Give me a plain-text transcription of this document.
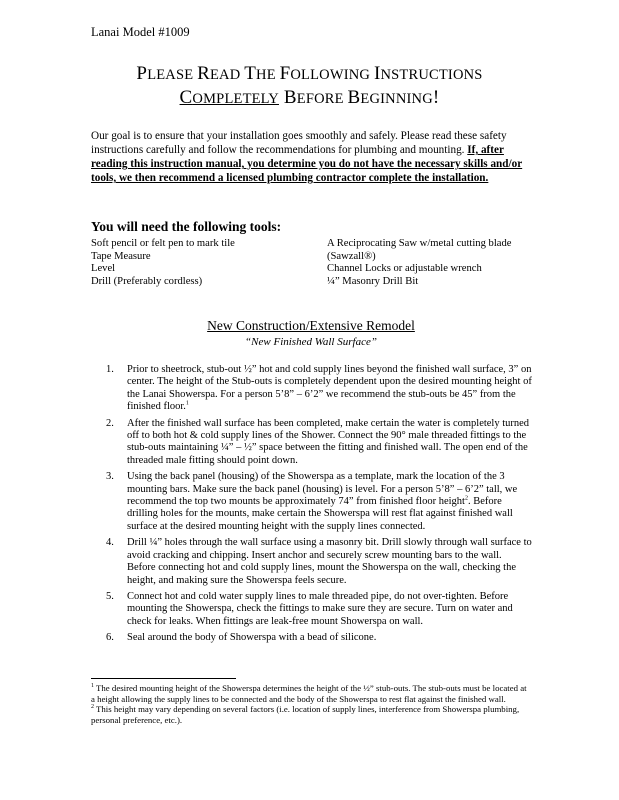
Lanai Model #1009
PLEASE READ THE FOLLOWING INSTRUCTIONS
COMPLETELY BEFORE BEGINNING!
Our goal is to ensure that your installation goes smoothly and safely. Please read these safety instructions carefully and follow the recommendations for plumbing and mounting. If, after reading this instruction manual, you determine you do not have the necessary skills and/or tools, we then recommend a licensed plumbing contractor complete the installation.
You will need the following tools:
Soft pencil or felt pen to mark tile
Tape Measure
Level
Drill (Preferably cordless)
A Reciprocating Saw w/metal cutting blade
(Sawzall®)
Channel Locks or adjustable wrench
¼” Masonry Drill Bit
New Construction/Extensive Remodel
“New Finished Wall Surface”
1. Prior to sheetrock, stub-out ½” hot and cold supply lines beyond the finished wall surface, 3” on center. The height of the Stub-outs is completely dependent upon the desired mounting height of the Lanai Showerspa. For a person 5’8” – 6’2” we recommend the stub-outs be 45” from the finished floor.$^1$
2. After the finished wall surface has been completed, make certain the water is completely turned off to both hot & cold supply lines of the Shower. Connect the 90° male threaded fittings to the stub-outs maintaining ¼” – ½” space between the fitting and finished wall. The open end of the threaded male fitting should point down.
3. Using the back panel (housing) of the Showerspa as a template, mark the location of the 3 mounting bars. Make sure the back panel (housing) is level. For a person 5’8” – 6’2” tall, we recommend the top two mounts be approximately 74” from finished floor height$^2$. Before drilling holes for the mounts, make certain the Showerspa will rest flat against finished wall surface at the desired mounting height with the supply lines connected.
4. Drill ¼” holes through the wall surface using a masonry bit. Drill slowly through wall surface to avoid cracking and chipping. Insert anchor and securely screw mounting bars to the wall. Before connecting hot and cold supply lines, mount the Showerspa on the wall, checking the height, and making sure the Showerspa feels secure.
5. Connect hot and cold water supply lines to male threaded pipe, do not over-tighten. Before mounting the Showerspa, check the fittings to make sure they are secure. Turn on water and check for leaks. When fittings are leak-free mount Showerspa on wall.
6. Seal around the body of Showerspa with a bead of silicone.
$^1$ The desired mounting height of the Showerspa determines the height of the ½” stub-outs. The stub-outs must be located at a height allowing the supply lines to be connected and the body of the Showerspa to rest flat against the finished wall.
$^2$ This height may vary depending on several factors (i.e. location of supply lines, interference from Showerspa plumbing, personal preference, etc.).
